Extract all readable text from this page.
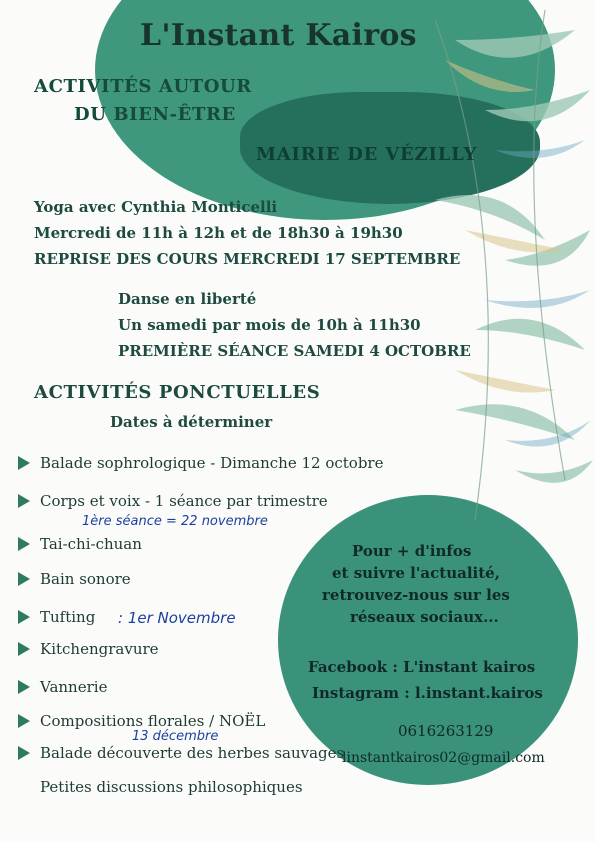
L'Instant Kairos
ACTIVITÉS AUTOUR
DU BIEN-ÊTRE
MAIRIE DE VÉZILLY
Yoga avec Cynthia Monticelli
Mercredi de 11h à 12h et de 18h30 à 19h30
REPRISE DES COURS MERCREDI 17 SEPTEMBRE
Danse en liberté
Un samedi par mois de 10h à 11h30
PREMIÈRE SÉANCE SAMEDI 4 OCTOBRE
ACTIVITÉS PONCTUELLES
Dates à déterminer
Balade sophrologique - Dimanche 12 octobre
Corps et voix - 1 séance par trimestre
1ère séance = 22 novembre
Tai-chi-chuan
Bain sonore
Tufting : 1er Novembre
Kitchengravure
Vannerie
Compositions florales / NOËL
13 décembre
Balade découverte des herbes sauvages
Petites discussions philosophiques
Pour + d'infos
et suivre l'actualité,
retrouvez-nous sur les
réseaux sociaux...
Facebook : L'instant kairos
Instagram : l.instant.kairos
0616263129
linstantkairos02@gmail.com
